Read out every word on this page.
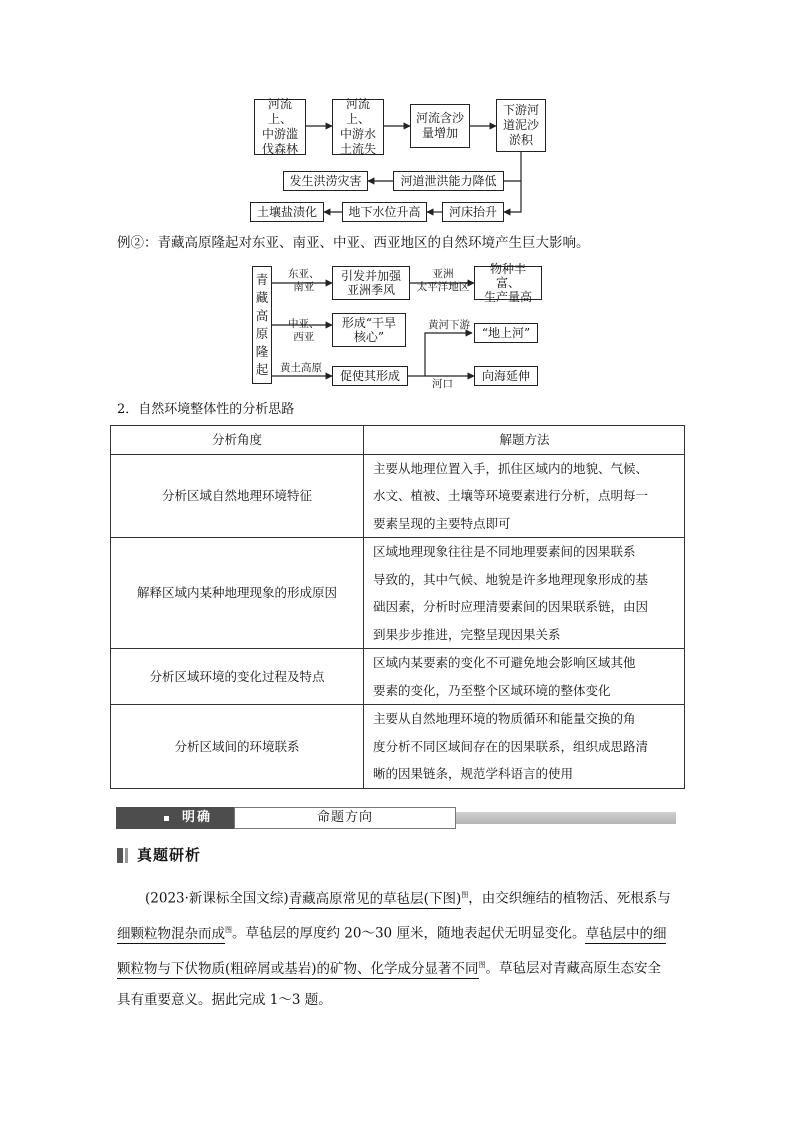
河流上、
中游滥
伐森林
河流上、
中游水
土流失
河流含沙
量增加
下游河
道泥沙
淤积
河道泄洪能力降低
发生洪涝灾害
河床抬升
地下水位升高
土壤盐渍化
例②：青藏高原隆起对东亚、南亚、中亚、西亚地区的自然环境产生巨大影响。
青
藏
高
原
隆
起
东亚、
南亚
引发并加强
亚洲季风
亚洲
太平洋地区
物种丰富、
生产量高
中亚、
西亚
形成“干旱
核心”
黄土高原
促使其形成
黄河下游
“地上河”
河口
向海延伸
2．自然环境整体性的分析思路
分析角度	解题方法
分析区域自然地理环境特征	主要从地理位置入手，抓住区域内的地貌、气候、
水文、植被、土壤等环境要素进行分析，点明每一
要素呈现的主要特点即可

解释区域内某种地理现象的形成原因	区域地理现象往往是不同地理要素间的因果联系
导致的，其中气候、地貌是许多地理现象形成的基
础因素，分析时应理清要素间的因果联系链，由因
到果步步推进，完整呈现因果关系

分析区域环境的变化过程及特点	区域内某要素的变化不可避免地会影响区域其他
要素的变化，乃至整个区域环境的整体变化

分析区域间的环境联系	主要从自然地理环境的物质循环和能量交换的角
度分析不同区域间存在的因果联系，组织成思路清
晰的因果链条，规范学科语言的使用
明确	命题方向
真题研析
(2023·新课标全国文综)青藏高原常见的草毡层(下图)$^图$，由交织缠结的植物活、死根系与
细颗粒物混杂而成$^图$。草毡层的厚度约 20～30 厘米，随地表起伏无明显变化。草毡层中的细
颗粒物与下伏物质(粗碎屑或基岩)的矿物、化学成分显著不同$^图$。草毡层对青藏高原生态安全
具有重要意义。据此完成 1～3 题。
